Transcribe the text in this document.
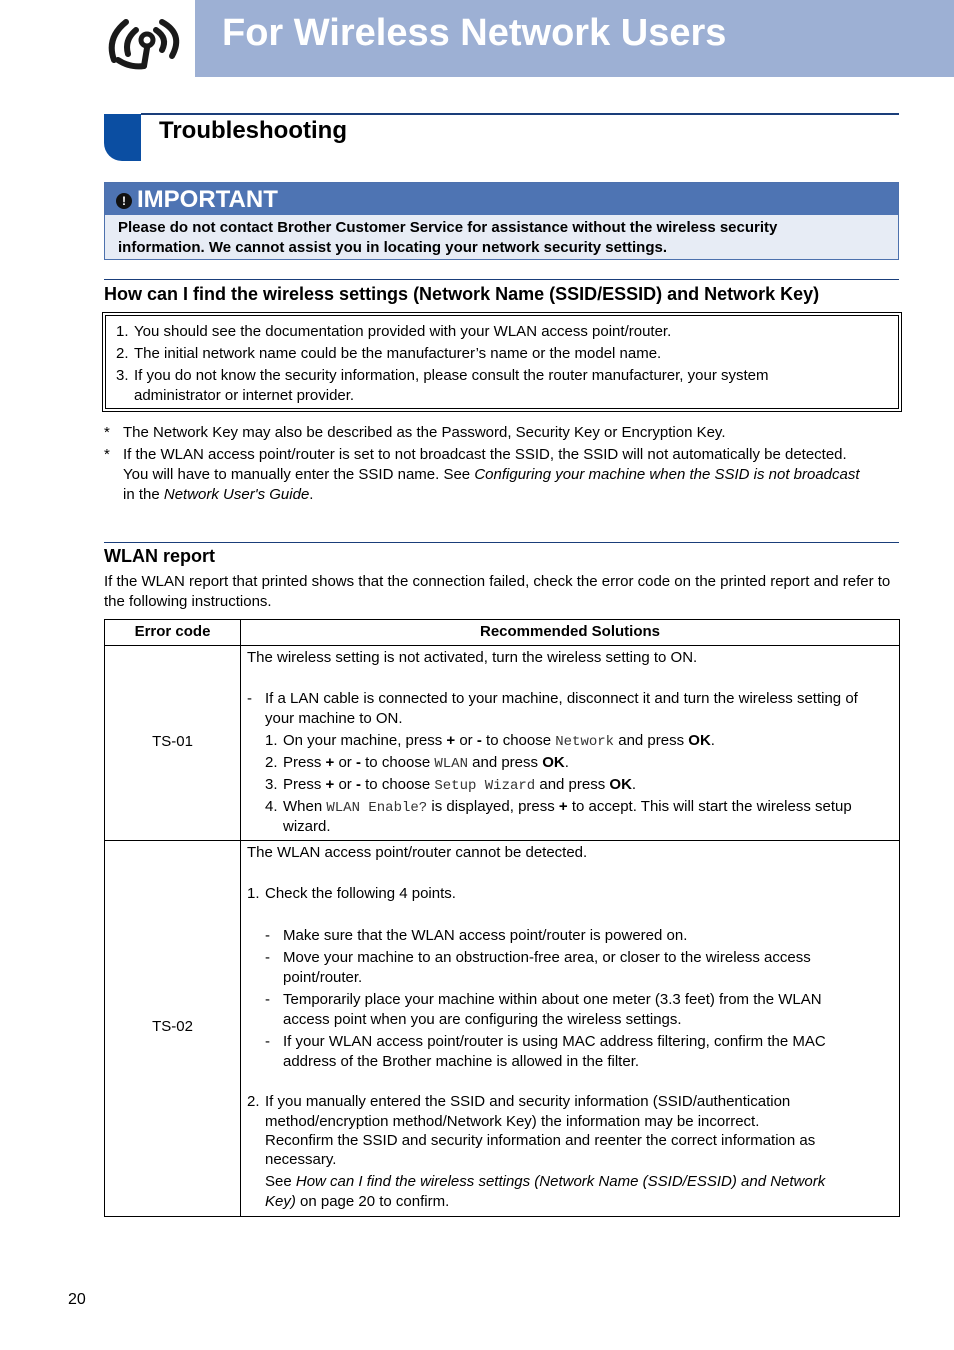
For Wireless Network Users
Troubleshooting
! IMPORTANT
Please do not contact Brother Customer Service for assistance without the wireless security
information. We cannot assist you in locating your network security settings.
How can I find the wireless settings (Network Name (SSID/ESSID) and Network Key)
1. You should see the documentation provided with your WLAN access point/router.
2. The initial network name could be the manufacturer’s name or the model name.
3. If you do not know the security information, please consult the router manufacturer, your system
administrator or internet provider.
* The Network Key may also be described as the Password, Security Key or Encryption Key.
* If the WLAN access point/router is set to not broadcast the SSID, the SSID will not automatically be detected.
You will have to manually enter the SSID name. See Configuring your machine when the SSID is not broadcast
in the Network User's Guide.
WLAN report
If the WLAN report that printed shows that the connection failed, check the error code on the printed report and refer to the following instructions.
Error code	Recommended Solutions
TS-01
The wireless setting is not activated, turn the wireless setting to ON.
- If a LAN cable is connected to your machine, disconnect it and turn the wireless setting of
your machine to ON.
1. On your machine, press + or - to choose Network and press OK.
2. Press + or - to choose WLAN and press OK.
3. Press + or - to choose Setup Wizard and press OK.
4. When WLAN Enable? is displayed, press + to accept. This will start the wireless setup
wizard.
TS-02
The WLAN access point/router cannot be detected.
1. Check the following 4 points.
- Make sure that the WLAN access point/router is powered on.
- Move your machine to an obstruction-free area, or closer to the wireless access
point/router.
- Temporarily place your machine within about one meter (3.3 feet) from the WLAN
access point when you are configuring the wireless settings.
- If your WLAN access point/router is using MAC address filtering, confirm the MAC
address of the Brother machine is allowed in the filter.
2. If you manually entered the SSID and security information (SSID/authentication
method/encryption method/Network Key) the information may be incorrect.
Reconfirm the SSID and security information and reenter the correct information as
necessary.
See How can I find the wireless settings (Network Name (SSID/ESSID) and Network
Key) on page 20 to confirm.
20
